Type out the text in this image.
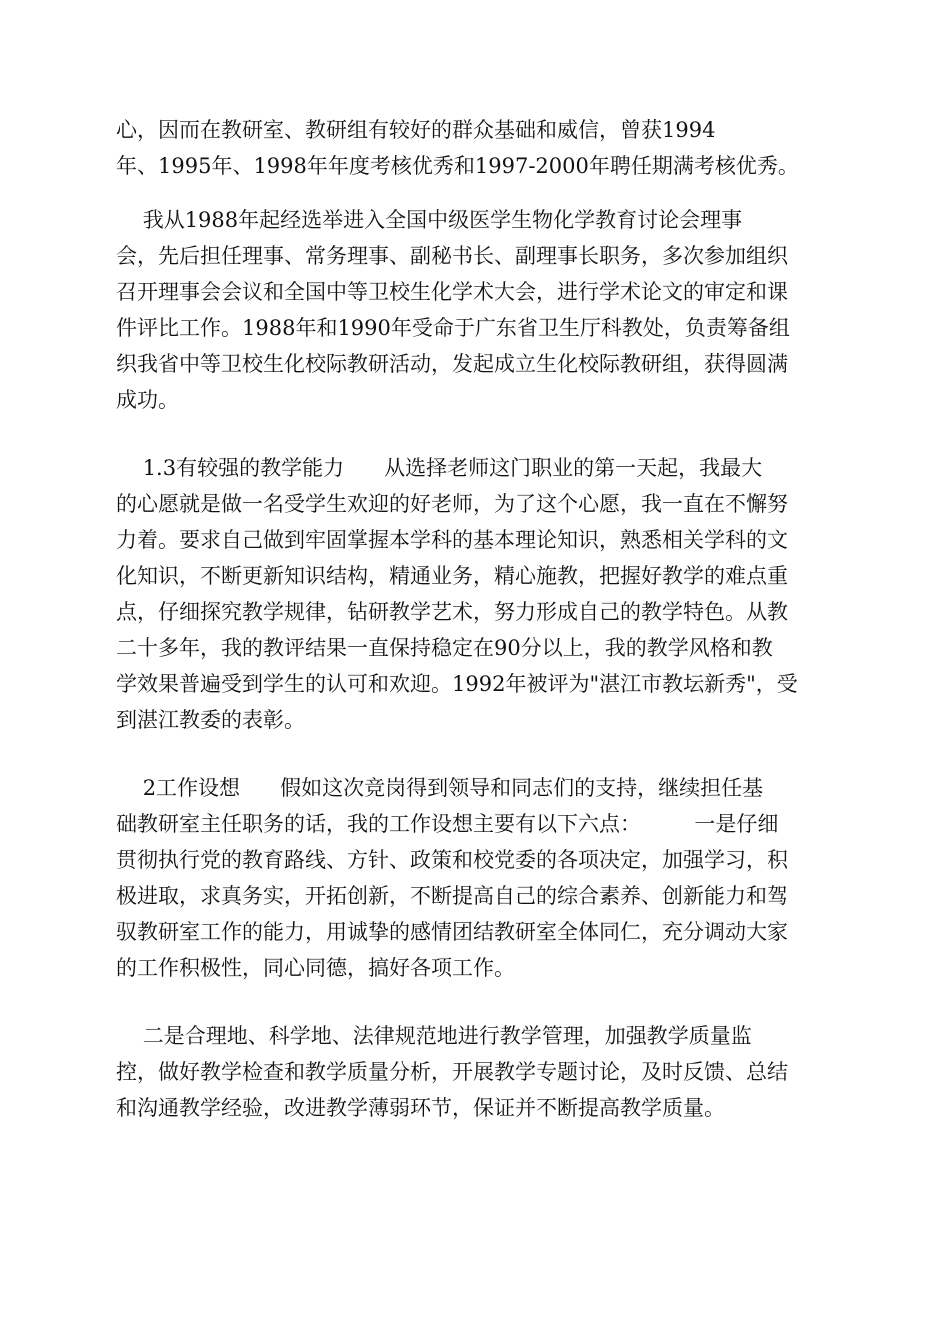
心，因而在教研室、教研组有较好的群众基础和威信，曾获1994
年、1995年、1998年年度考核优秀和1997-2000年聘任期满考核优秀。
我从1988年起经选举进入全国中级医学生物化学教育讨论会理事
会，先后担任理事、常务理事、副秘书长、副理事长职务，多次参加组织
召开理事会会议和全国中等卫校生化学术大会，进行学术论文的审定和课
件评比工作。1988年和1990年受命于广东省卫生厅科教处，负责筹备组
织我省中等卫校生化校际教研活动，发起成立生化校际教研组，获得圆满
成功。
1.3有较强的教学能力      从选择老师这门职业的第一天起，我最大
的心愿就是做一名受学生欢迎的好老师，为了这个心愿，我一直在不懈努
力着。要求自己做到牢固掌握本学科的基本理论知识，熟悉相关学科的文
化知识，不断更新知识结构，精通业务，精心施教，把握好教学的难点重
点，仔细探究教学规律，钻研教学艺术，努力形成自己的教学特色。从教
二十多年，我的教评结果一直保持稳定在90分以上，我的教学风格和教
学效果普遍受到学生的认可和欢迎。1992年被评为"湛江市教坛新秀"，受
到湛江教委的表彰。
2工作设想      假如这次竞岗得到领导和同志们的支持，继续担任基
础教研室主任职务的话，我的工作设想主要有以下六点：        一是仔细
贯彻执行党的教育路线、方针、政策和校党委的各项决定，加强学习，积
极进取，求真务实，开拓创新，不断提高自己的综合素养、创新能力和驾
驭教研室工作的能力，用诚挚的感情团结教研室全体同仁，充分调动大家
的工作积极性，同心同德，搞好各项工作。
二是合理地、科学地、法律规范地进行教学管理，加强教学质量监
控，做好教学检查和教学质量分析，开展教学专题讨论，及时反馈、总结
和沟通教学经验，改进教学薄弱环节，保证并不断提高教学质量。
